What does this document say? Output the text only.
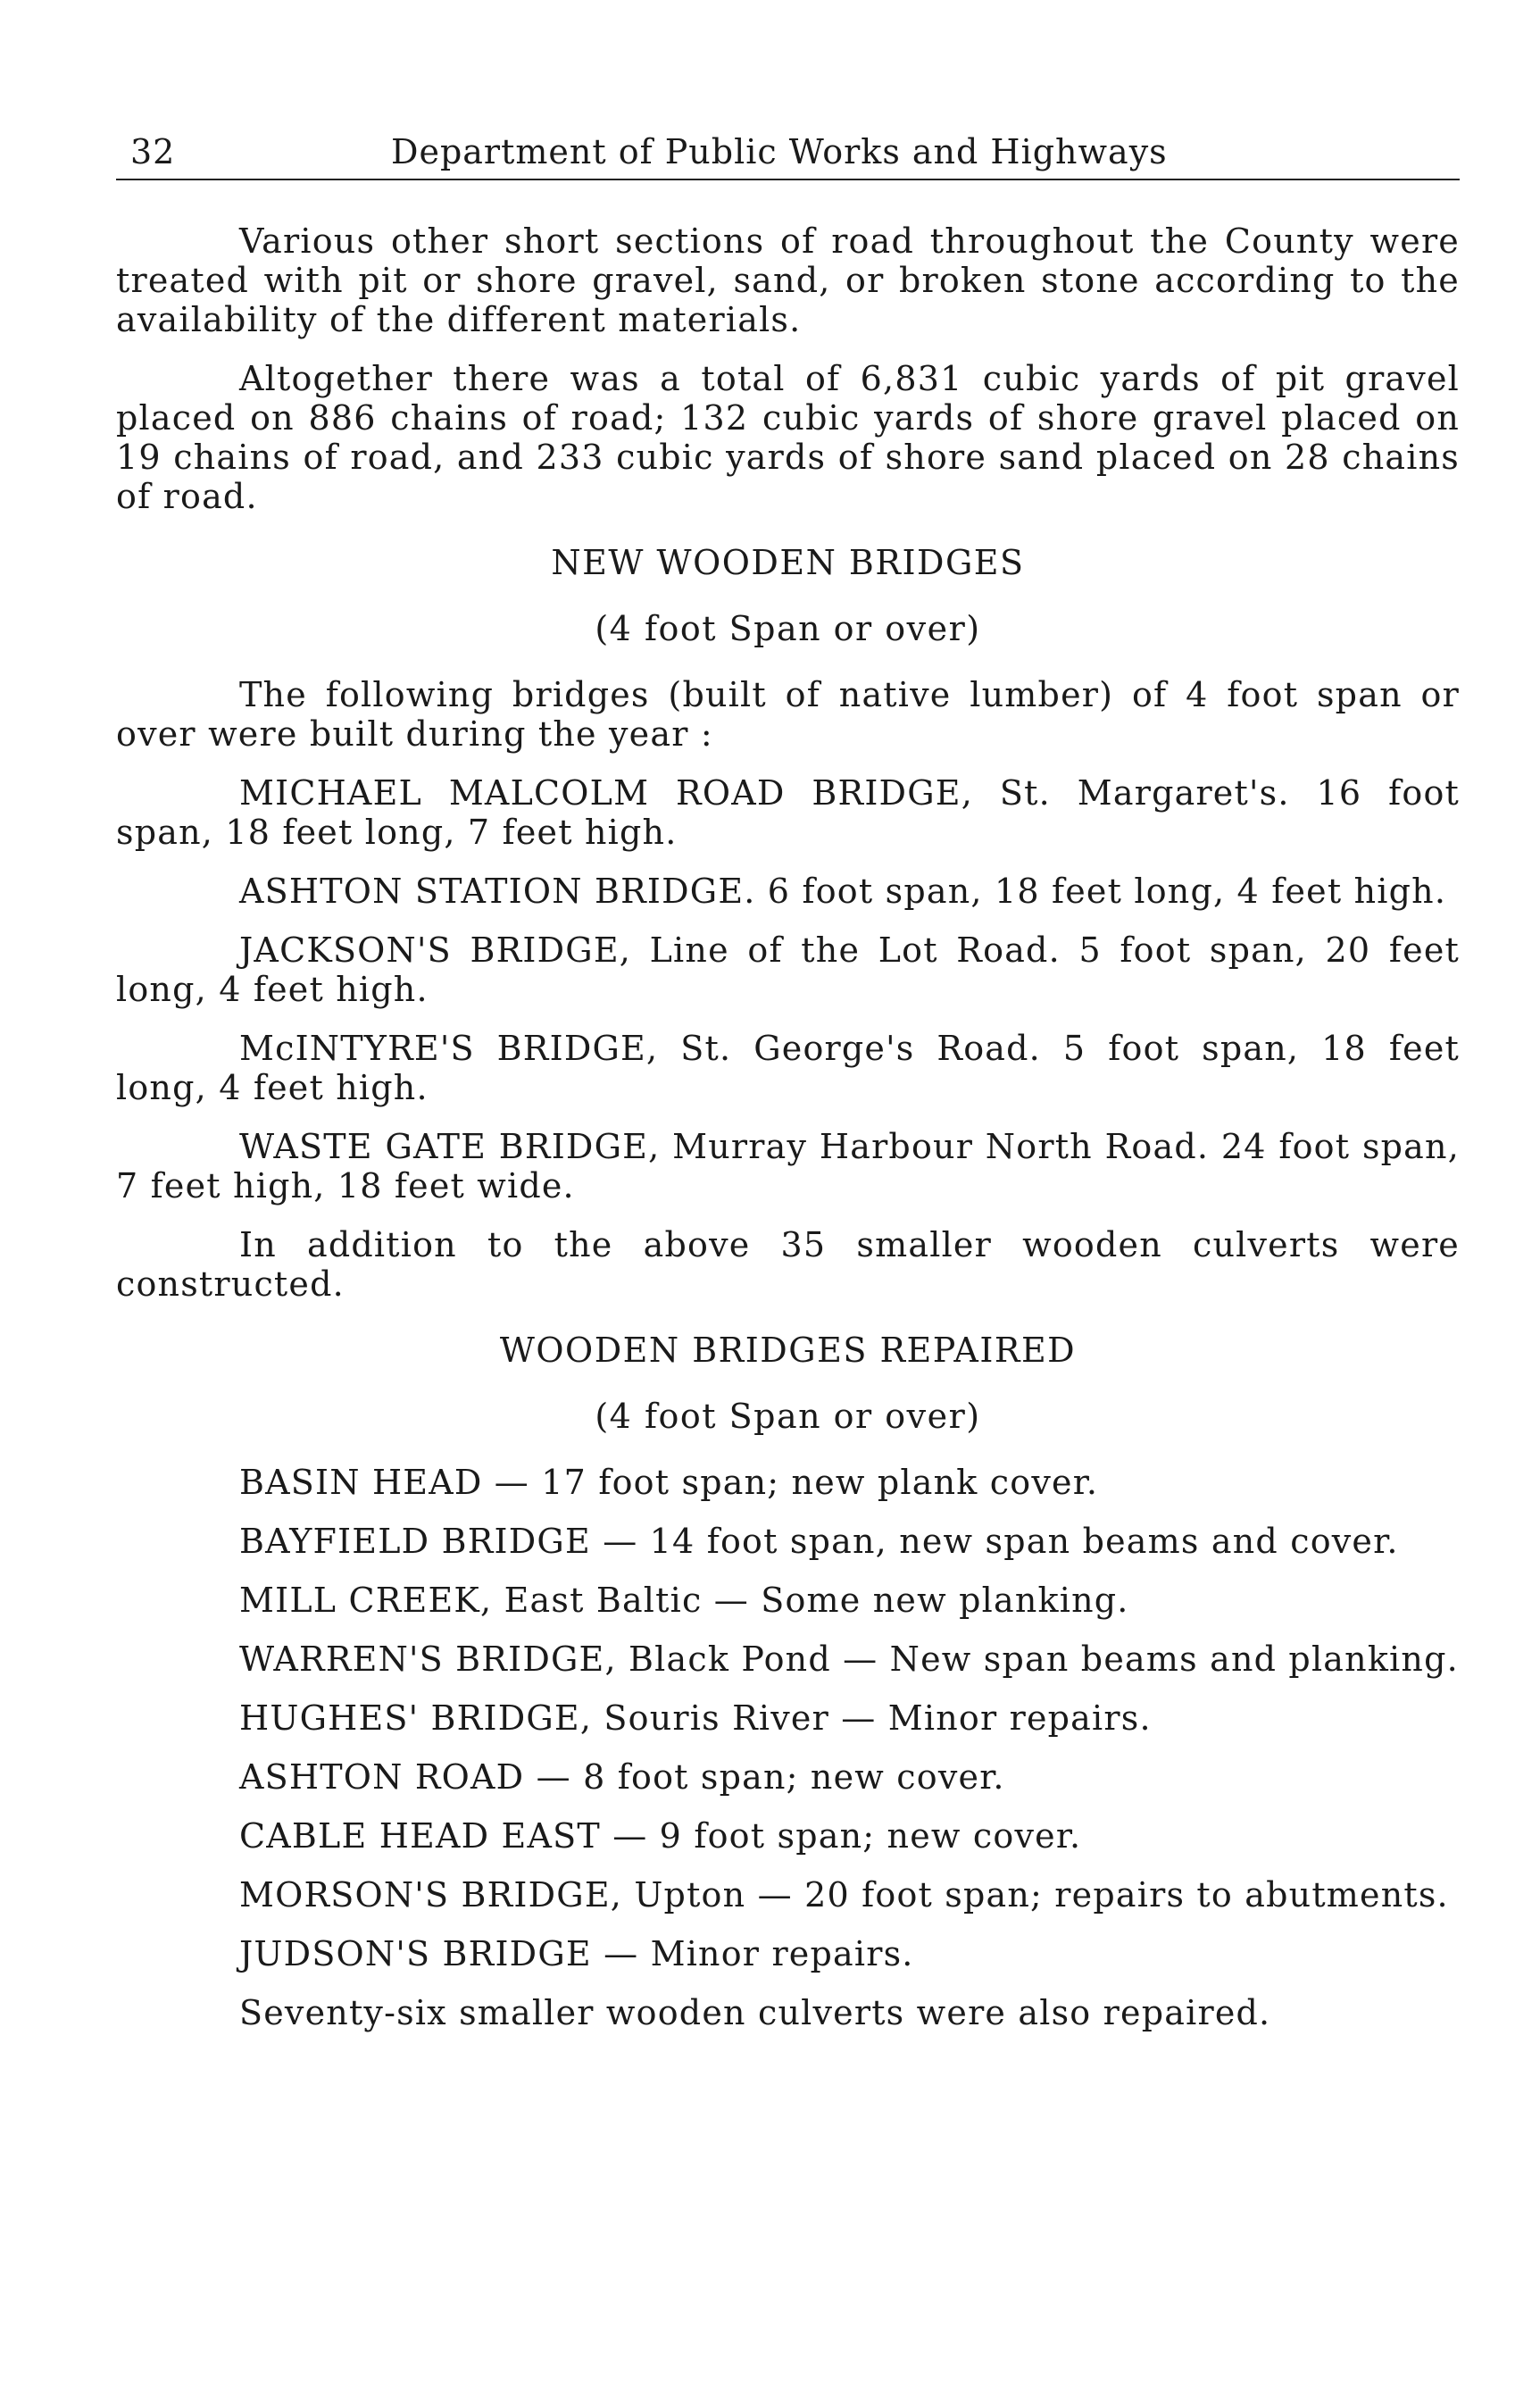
32	Department of Public Works and Highways

Various other short sections of road throughout the County were treated with pit or shore gravel, sand, or broken stone according to the availability of the different materials.

Altogether there was a total of 6,831 cubic yards of pit gravel placed on 886 chains of road; 132 cubic yards of shore gravel placed on 19 chains of road, and 233 cubic yards of shore sand placed on 28 chains of road.

NEW WOODEN BRIDGES
(4 foot Span or over)

The following bridges (built of native lumber) of 4 foot span or over were built during the year :

MICHAEL MALCOLM ROAD BRIDGE, St. Margaret's. 16 foot span, 18 feet long, 7 feet high.

ASHTON STATION BRIDGE. 6 foot span, 18 feet long, 4 feet high.

JACKSON'S BRIDGE, Line of the Lot Road. 5 foot span, 20 feet long, 4 feet high.

McINTYRE'S BRIDGE, St. George's Road. 5 foot span, 18 feet long, 4 feet high.

WASTE GATE BRIDGE, Murray Harbour North Road. 24 foot span, 7 feet high, 18 feet wide.

In addition to the above 35 smaller wooden culverts were constructed.

WOODEN BRIDGES REPAIRED
(4 foot Span or over)

BASIN HEAD — 17 foot span; new plank cover.

BAYFIELD BRIDGE — 14 foot span, new span beams and cover.

MILL CREEK, East Baltic — Some new planking.

WARREN'S BRIDGE, Black Pond — New span beams and planking.

HUGHES' BRIDGE, Souris River — Minor repairs.

ASHTON ROAD — 8 foot span; new cover.

CABLE HEAD EAST — 9 foot span; new cover.

MORSON'S BRIDGE, Upton — 20 foot span; repairs to abutments.

JUDSON'S BRIDGE — Minor repairs.

Seventy-six smaller wooden culverts were also repaired.
